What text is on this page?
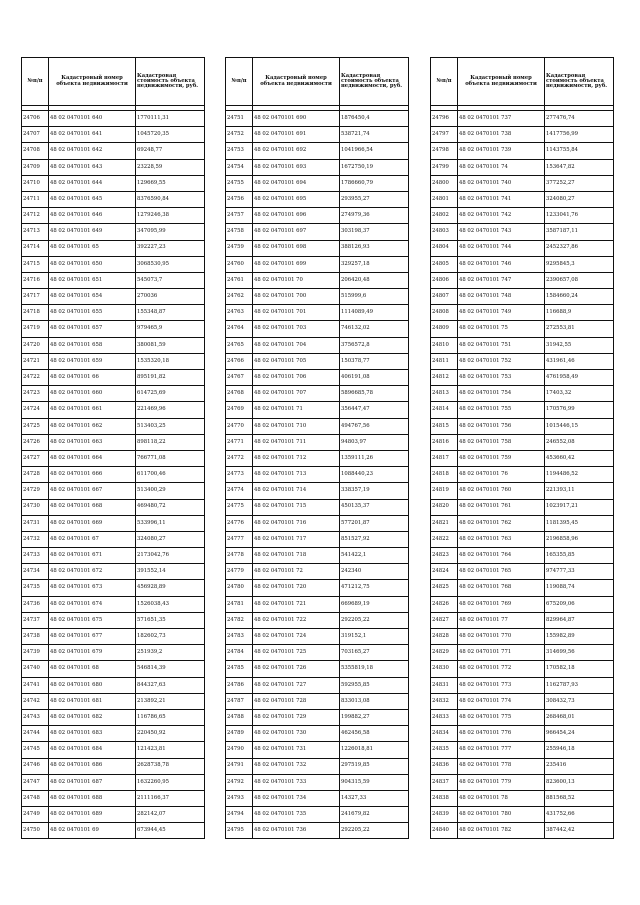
№п/п	Кадастровый номер объекта недвижимости	Кадастровая стоимость объекта недвижимости, руб.

24706	48 02 0470101 640	1770111,31
24707	48 02 0470101 641	1045720,35
24708	48 02 0470101 642	69248,77
24709	48 02 0470101 643	23228,59
24710	48 02 0470101 644	129669,55
24711	48 02 0470101 645	8376590,84
24712	48 02 0470101 646	1279246,38
24713	48 02 0470101 649	347095,99
24714	48 02 0470101 65	392227,23
24715	48 02 0470101 650	3068530,95
24716	48 02 0470101 651	545073,7
24717	48 02 0470101 654	270036
24718	48 02 0470101 655	155348,87
24719	48 02 0470101 657	979465,9
24720	48 02 0470101 658	380081,59
24721	48 02 0470101 659	1535320,18
24722	48 02 0470101 66	895191,82
24723	48 02 0470101 660	614725,69
24724	48 02 0470101 661	221469,96
24725	48 02 0470101 662	513403,25
24726	48 02 0470101 663	898118,22
24727	48 02 0470101 664	766771,08
24728	48 02 0470101 666	611700,46
24729	48 02 0470101 667	513400,29
24730	48 02 0470101 668	469480,72
24731	48 02 0470101 669	533996,11
24732	48 02 0470101 67	324080,27
24733	48 02 0470101 671	2173042,76
24734	48 02 0470101 672	391552,14
24735	48 02 0470101 673	456928,89
24736	48 02 0470101 674	1526038,43
24737	48 02 0470101 675	571651,35
24738	48 02 0470101 677	182602,73
24739	48 02 0470101 679	251939,2
24740	48 02 0470101 68	546814,39
24741	48 02 0470101 680	844327,63
24742	48 02 0470101 681	213892,21
24743	48 02 0470101 682	116786,65
24744	48 02 0470101 683	220450,92
24745	48 02 0470101 684	121423,81
24746	48 02 0470101 686	2628738,78
24747	48 02 0470101 687	1632260,95
24748	48 02 0470101 688	2111166,37
24749	48 02 0470101 689	282142,07
24750	48 02 0470101 69	673944,45
№п/п	Кадастровый номер объекта недвижимости	Кадастровая стоимость объекта недвижимости, руб.

24751	48 02 0470101 690	1876450,4
24752	48 02 0470101 691	538721,74
24753	48 02 0470101 692	1041966,54
24754	48 02 0470101 693	1672750,19
24755	48 02 0470101 694	1786660,79
24756	48 02 0470101 695	293955,27
24757	48 02 0470101 696	274979,36
24758	48 02 0470101 697	303198,37
24759	48 02 0470101 698	388126,93
24760	48 02 0470101 699	329257,18
24761	48 02 0470101 70	206420,48
24762	48 02 0470101 700	515999,6
24763	48 02 0470101 701	1114089,49
24764	48 02 0470101 703	746132,02
24765	48 02 0470101 704	3756572,8
24766	48 02 0470101 705	150378,77
24767	48 02 0470101 706	406191,08
24768	48 02 0470101 707	5896685,78
24769	48 02 0470101 71	356447,47
24770	48 02 0470101 710	494767,56
24771	48 02 0470101 711	94803,97
24772	48 02 0470101 712	1359111,26
24773	48 02 0470101 713	1088440,23
24774	48 02 0470101 714	338357,19
24775	48 02 0470101 715	450135,37
24776	48 02 0470101 716	577201,87
24777	48 02 0470101 717	851527,92
24778	48 02 0470101 718	541422,1
24779	48 02 0470101 72	242340
24780	48 02 0470101 720	471212,75
24781	48 02 0470101 721	669689,19
24782	48 02 0470101 722	292205,22
24783	48 02 0470101 724	319152,1
24784	48 02 0470101 725	703165,27
24785	48 02 0470101 726	5355819,18
24786	48 02 0470101 727	592955,85
24787	48 02 0470101 728	833013,08
24788	48 02 0470101 729	199882,27
24789	48 02 0470101 730	462456,58
24790	48 02 0470101 731	1226018,81
24791	48 02 0470101 732	297519,85
24792	48 02 0470101 733	904315,59
24793	48 02 0470101 734	14327,33
24794	48 02 0470101 735	241679,82
24795	48 02 0470101 736	292205,22
№п/п	Кадастровый номер объекта недвижимости	Кадастровая стоимость объекта недвижимости, руб.

24796	48 02 0470101 737	277476,74
24797	48 02 0470101 738	1417756,99
24798	48 02 0470101 739	1143755,84
24799	48 02 0470101 74	153647,82
24800	48 02 0470101 740	377252,27
24801	48 02 0470101 741	324080,27
24802	48 02 0470101 742	1233041,76
24803	48 02 0470101 743	3587187,11
24804	48 02 0470101 744	2452327,86
24805	48 02 0470101 746	9295845,3
24806	48 02 0470101 747	2390657,08
24807	48 02 0470101 748	1584660,24
24808	48 02 0470101 749	116688,9
24809	48 02 0470101 75	272553,81
24810	48 02 0470101 751	31942,55
24811	48 02 0470101 752	431961,46
24812	48 02 0470101 753	4761958,49
24813	48 02 0470101 754	17403,32
24814	48 02 0470101 755	170576,99
24815	48 02 0470101 756	1015446,15
24816	48 02 0470101 758	246552,08
24817	48 02 0470101 759	453660,42
24818	48 02 0470101 76	1194486,52
24819	48 02 0470101 760	221393,11
24820	48 02 0470101 761	1023917,21
24821	48 02 0470101 762	1181395,45
24822	48 02 0470101 763	2196858,96
24823	48 02 0470101 764	165355,85
24824	48 02 0470101 765	974777,33
24825	48 02 0470101 768	119088,74
24826	48 02 0470101 769	675209,06
24827	48 02 0470101 77	829964,87
24828	48 02 0470101 770	155982,89
24829	48 02 0470101 771	314699,56
24830	48 02 0470101 772	170582,18
24831	48 02 0470101 773	1162787,93
24832	48 02 0470101 774	308432,73
24833	48 02 0470101 775	268468,01
24834	48 02 0470101 776	966454,24
24835	48 02 0470101 777	255946,18
24836	48 02 0470101 778	235416
24837	48 02 0470101 779	823600,13
24838	48 02 0470101 78	881568,52
24839	48 02 0470101 780	431752,66
24840	48 02 0470101 782	387442,42
